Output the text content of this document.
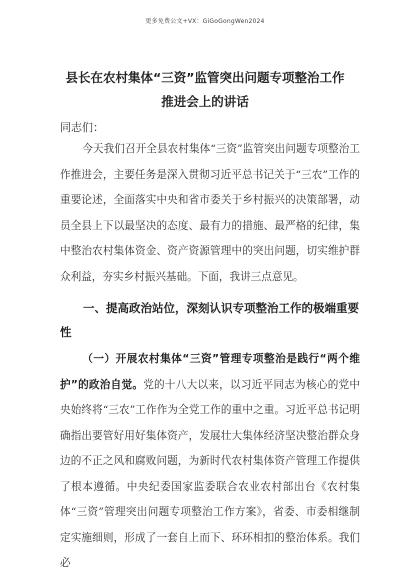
更多免费公文+VX：GiGoGongWen2024
县长在农村集体“三资”监管突出问题专项整治工作推进会上的讲话
同志们：
今天我们召开全县农村集体“三资”监管突出问题专项整治工作推进会，主要任务是深入贯彻习近平总书记关于“三农”工作的重要论述，全面落实中央和省市委关于乡村振兴的决策部署，动员全县上下以最坚决的态度、最有力的措施、最严格的纪律，集中整治农村集体资金、资产资源管理中的突出问题，切实维护群众利益，夯实乡村振兴基础。下面，我讲三点意见。
一、提高政治站位，深刻认识专项整治工作的极端重要性
（一）开展农村集体“三资”管理专项整治是践行“两个维护”的政治自觉。党的十八大以来，以习近平同志为核心的党中央始终将“三农”工作作为全党工作的重中之重。习近平总书记明确指出要管好用好集体资产，发展壮大集体经济坚决整治群众身边的不正之风和腐败问题，为新时代农村集体资产管理工作提供了根本遵循。中央纪委国家监委联合农业农村部出台《农村集体“三资”管理突出问题专项整治工作方案》，省委、市委相继制定实施细则，形成了一套自上而下、环环相扣的整治体系。我们必
